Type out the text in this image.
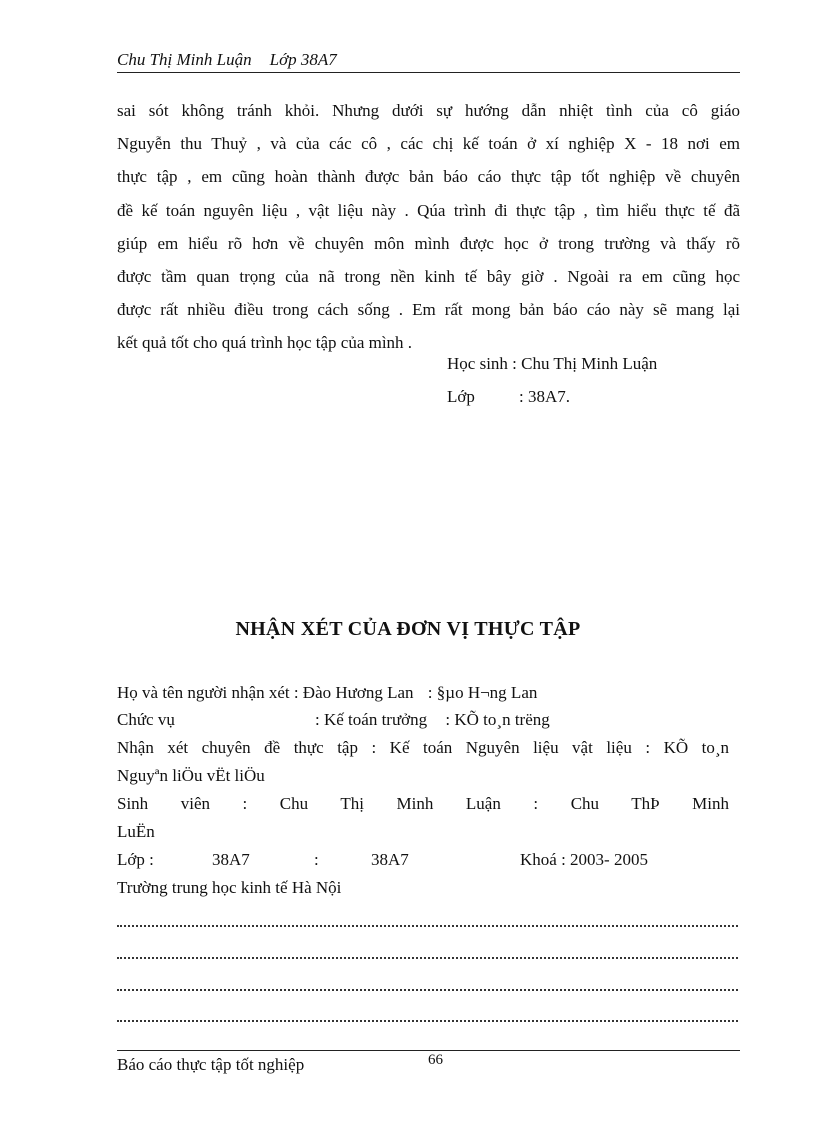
Chu Thị Minh Luận Lớp 38A7
sai sót không tránh khỏi. Nhưng dưới sự hướng dẫn nhiệt tình của cô giáo
Nguyễn thu Thuỷ , và của các cô , các chị kế toán ở xí nghiệp X - 18 nơi em
thực tập , em cũng hoàn thành được bản báo cáo thực tập tốt nghiệp về chuyên
đề kế toán nguyên liệu , vật liệu này . Qúa trình đi thực tập , tìm hiểu thực tế đã
giúp em hiểu rõ hơn về chuyên môn mình được học ở trong trường và thấy rõ
được tầm quan trọng của nã trong nền kinh tế bây giờ . Ngoài ra em cũng học
được rất nhiều điều trong cách sống . Em rất mong bản báo cáo này sẽ mang lại
kết quả tốt cho quá trình học tập của mình .
Học sinh : Chu Thị Minh Luận
Lớp	: 38A7.
NHẬN XÉT CỦA ĐƠN VỊ THỰC TẬP
Họ và tên người nhận xét : Đào Hương Lan : §µo H¬ng Lan
Chức vụ	: Kế toán trưởng : KÕ to¸n trëng
Nhận xét chuyên đề thực tập : Kế toán Nguyên liệu vật liệu : KÕ to¸n
Nguyªn liÖu vËt liÖu
Sinh viên : Chu Thị Minh Luận : Chu ThÞ Minh
LuËn
Lớp :	38A7	:	38A7	Khoá : 2003- 2005
Trường trung học kinh tế Hà Nội
Báo cáo thực tập tốt nghiệp	66
